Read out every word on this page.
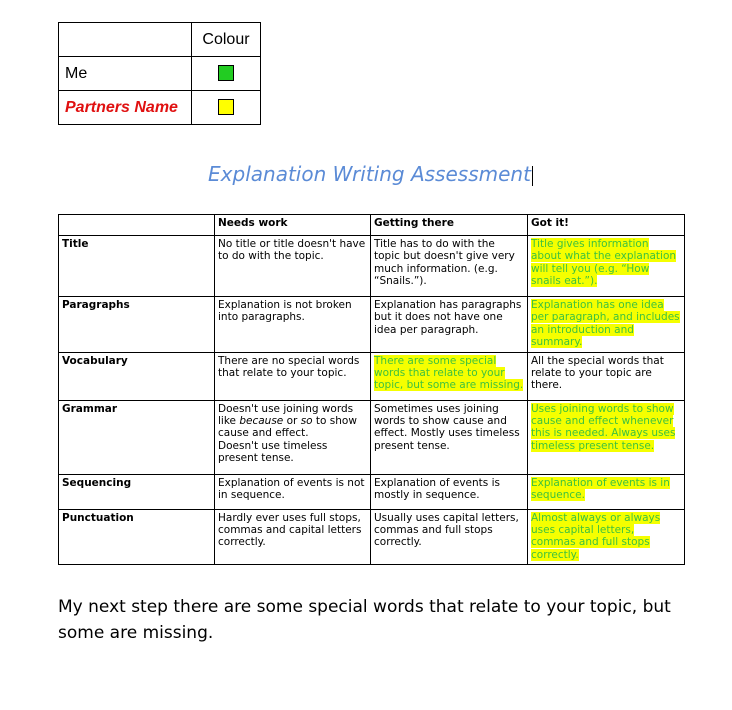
	Colour
Me	
Partners Name	
Explanation Writing Assessment
	Needs work	Getting there	Got it!
Title	No title or title doesn't have to do with the topic.	Title has to do with the topic but doesn't give very much information. (e.g. “Snails.”).	Title gives information about what the explanation will tell you (e.g. “How snails eat.”).
Paragraphs	Explanation is not broken into paragraphs.	Explanation has paragraphs but it does not have one idea per paragraph.	Explanation has one idea per paragraph, and includes an introduction and summary.
Vocabulary	There are no special words that relate to your topic.	There are some special words that relate to your topic, but some are missing.	All the special words that relate to your topic are there.
Grammar	Doesn't use joining words like because or so to show cause and effect.
Doesn't use timeless present tense.	Sometimes uses joining words to show cause and effect. Mostly uses timeless present tense.	Uses joining words to show cause and effect whenever this is needed. Always uses timeless present tense.
Sequencing	Explanation of events is not in sequence.	Explanation of events is mostly in sequence.	Explanation of events is in sequence.
Punctuation	Hardly ever uses full stops, commas and capital letters correctly.	Usually uses capital letters, commas and full stops correctly.	Almost always or always uses capital letters, commas and full stops correctly.
My next step there are some special words that relate to your topic, but some are missing.
